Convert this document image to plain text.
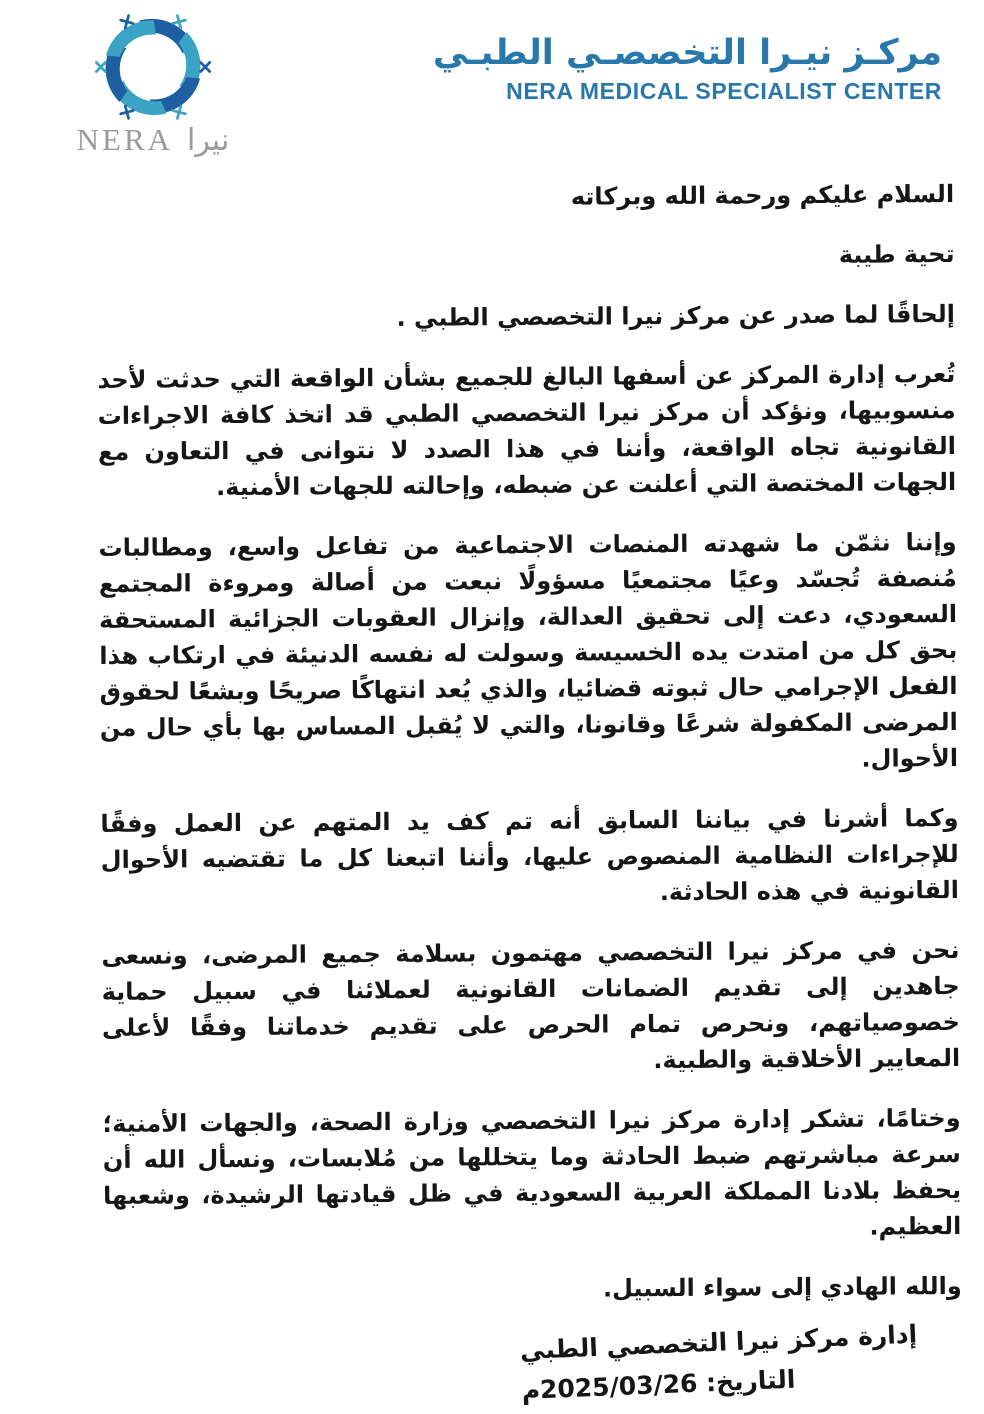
NERA نيرا
مركـز نيـرا التخصصـي الطبـي
NERA MEDICAL SPECIALIST CENTER

السلام عليكم ورحمة الله وبركاته

تحية طيبة

إلحاقًا لما صدر عن مركز نيرا التخصصي الطبي .

تُعرب إدارة المركز عن أسفها البالغ للجميع بشأن الواقعة التي حدثت لأحد منسوبيها، ونؤكد أن مركز نيرا التخصصي الطبي قد اتخذ كافة الاجراءات القانونية تجاه الواقعة، وأننا في هذا الصدد لا نتوانى في التعاون مع الجهات المختصة التي أعلنت عن ضبطه، وإحالته للجهات الأمنية.

وإننا نثمّن ما شهدته المنصات الاجتماعية من تفاعل واسع، ومطالبات مُنصفة تُجسّد وعيًا مجتمعيًا مسؤولًا نبعت من أصالة ومروءة المجتمع السعودي، دعت إلى تحقيق العدالة، وإنزال العقوبات الجزائية المستحقة بحق كل من امتدت يده الخسيسة وسولت له نفسه الدنيئة في ارتكاب هذا الفعل الإجرامي حال ثبوته قضائيا، والذي يُعد انتهاكًا صريحًا وبشعًا لحقوق المرضى المكفولة شرعًا وقانونا، والتي لا يُقبل المساس بها بأي حال من الأحوال.

وكما أشرنا في بياننا السابق أنه تم كف يد المتهم عن العمل وفقًا للإجراءات النظامية المنصوص عليها، وأننا اتبعنا كل ما تقتضيه الأحوال القانونية في هذه الحادثة.

نحن في مركز نيرا التخصصي مهتمون بسلامة جميع المرضى، ونسعى جاهدين إلى تقديم الضمانات القانونية لعملائنا في سبيل حماية خصوصياتهم، ونحرص تمام الحرص على تقديم خدماتنا وفقًا لأعلى المعايير الأخلاقية والطبية.

وختامًا، تشكر إدارة مركز نيرا التخصصي وزارة الصحة، والجهات الأمنية؛ سرعة مباشرتهم ضبط الحادثة وما يتخللها من مُلابسات، ونسأل الله أن يحفظ بلادنا المملكة العربية السعودية في ظل قيادتها الرشيدة، وشعبها العظيم.

والله الهادي إلى سواء السبيل.

إدارة مركز نيرا التخصصي الطبي
التاريخ: 2025/03/26م
